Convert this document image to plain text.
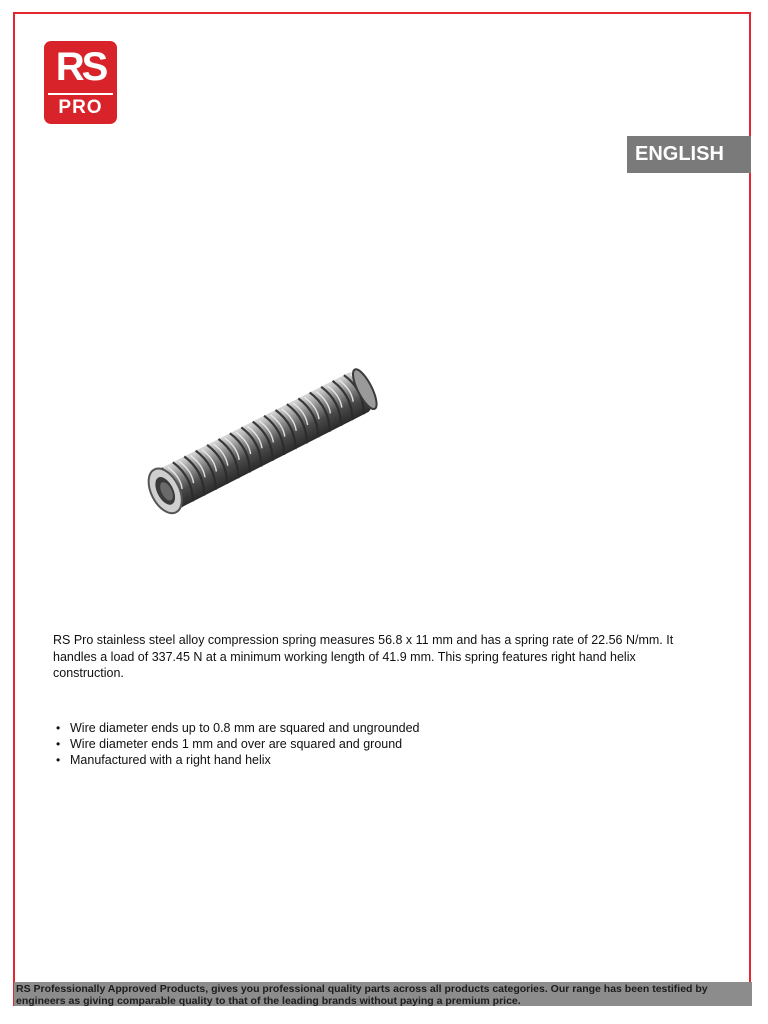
RS
PRO
ENGLISH
RS Pro stainless steel alloy compression spring measures 56.8 x 11 mm and has a spring rate of 22.56 N/mm. It handles a load of 337.45 N at a minimum working length of 41.9 mm. This spring features right hand helix construction.
• Wire diameter ends up to 0.8 mm are squared and ungrounded
• Wire diameter ends 1 mm and over are squared and ground
• Manufactured with a right hand helix
RS Professionally Approved Products, gives you professional quality parts across all products categories. Our range has been testified by engineers as giving comparable quality to that of the leading brands without paying a premium price.
